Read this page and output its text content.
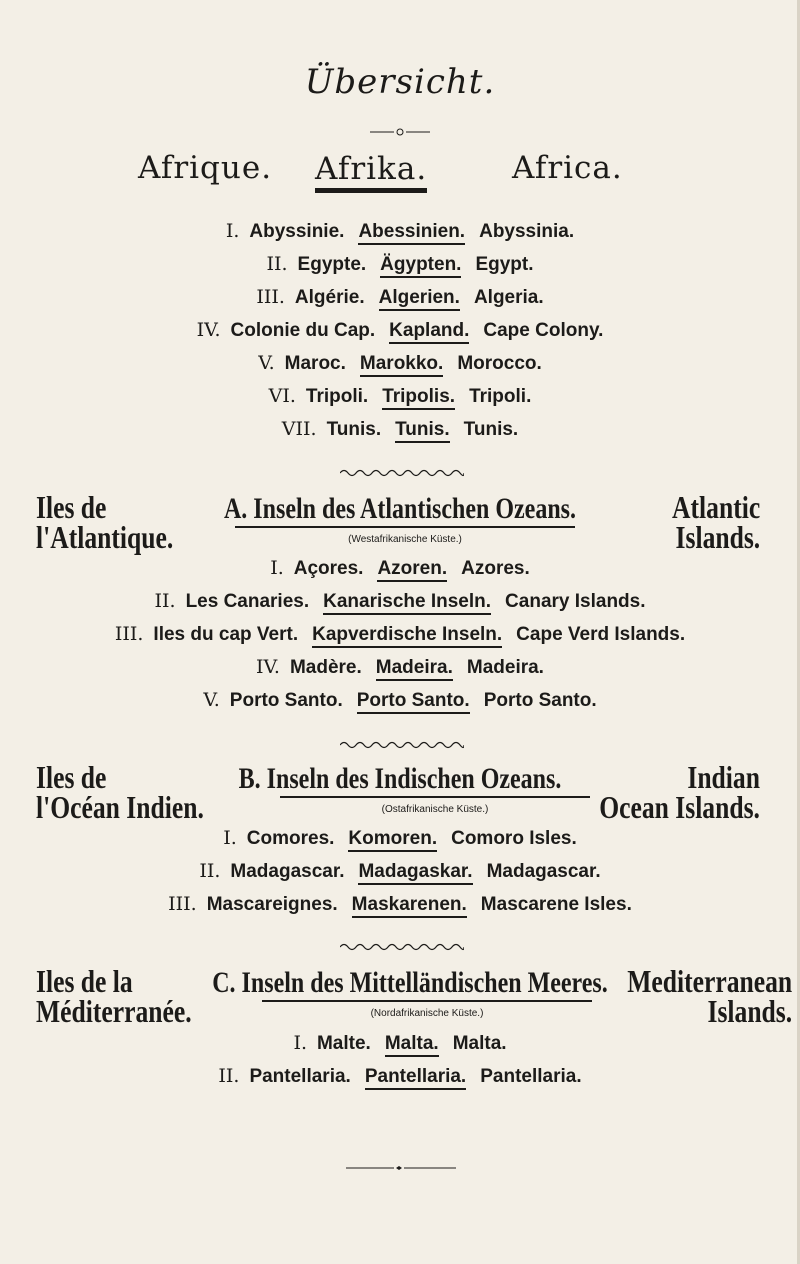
Übersicht.
Afrique. Afrika.	Africa.
I. Abyssinie. Abessinien. Abyssinia.
II. Egypte. Ägypten. Egypt.
III. Algérie. Algerien. Algeria.
IV. Colonie du Cap. Kapland. Cape Colony.
V. Maroc. Marokko. Morocco.
VI. Tripoli. Tripolis. Tripoli.
VII. Tunis. Tunis. Tunis.
Iles de
l'Atlantique.
A. Inseln des Atlantischen Ozeans.
(Westafrikanische Küste.)
Atlantic
Islands.
I. Açores. Azoren. Azores.
II. Les Canaries. Kanarische Inseln. Canary Islands.
III. Iles du cap Vert. Kapverdische Inseln. Cape Verd Islands.
IV. Madère. Madeira. Madeira.
V. Porto Santo. Porto Santo. Porto Santo.
Iles de
l'Océan Indien.
B. Inseln des Indischen Ozeans.
(Ostafrikanische Küste.)
Indian
Ocean Islands.
I. Comores. Komoren. Comoro Isles.
II. Madagascar. Madagaskar. Madagascar.
III. Mascareignes. Maskarenen. Mascarene Isles.
Iles de la
Méditerranée.
C. Inseln des Mittelländischen Meeres.
(Nordafrikanische Küste.)
Mediterranean
Islands.
I. Malte. Malta. Malta.
II. Pantellaria. Pantellaria. Pantellaria.
